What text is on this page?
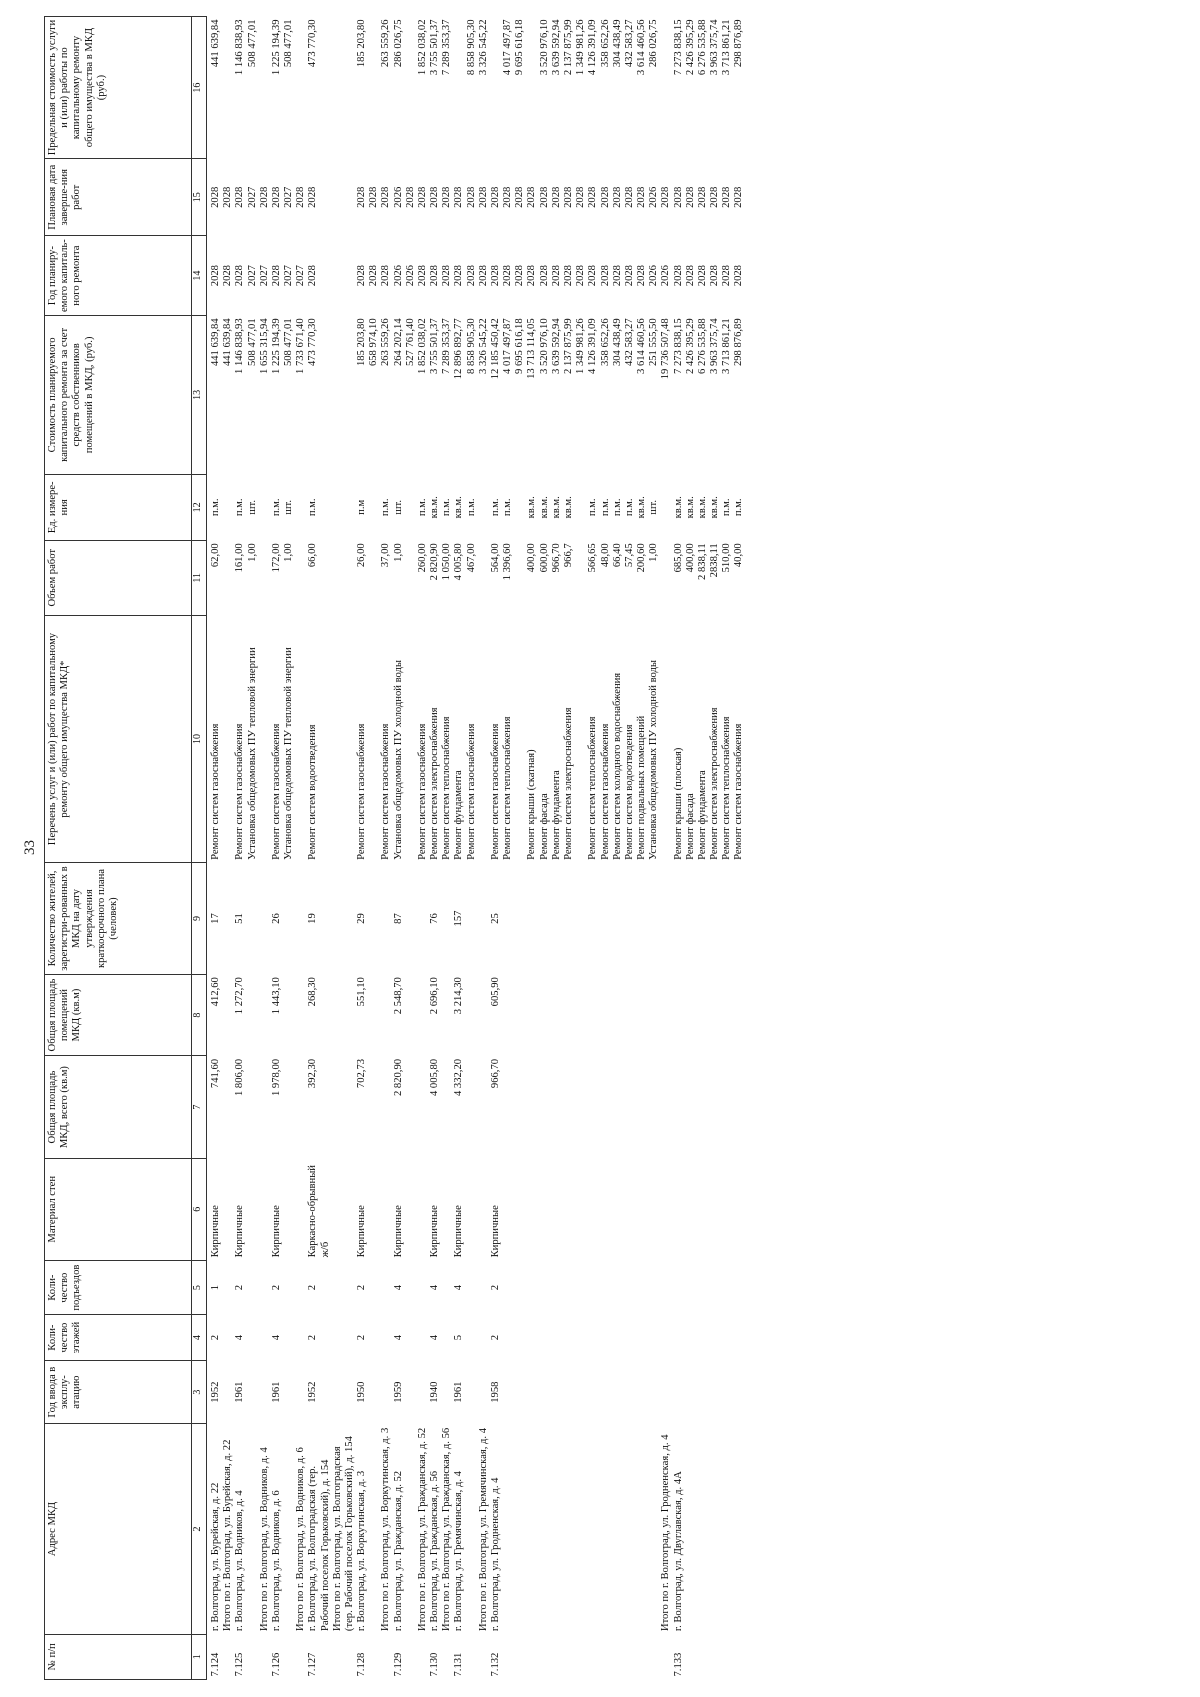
33
№ п/п	Адрес МКД	Год ввода в эксплу-атацию	Коли-чество этажей	Коли-чество подъездов	Материал стен	Общая площадь МКД, всего (кв.м)	Общая площадь помещений МКД (кв.м)	Количество жителей, зарегистри-рованных в МКД на дату утверждения краткосрочного плана (человек)	Перечень услуг и (или) работ по капитальному ремонту общего имущества МКД*	Объем работ	Ед. измере-ния	Стоимость планируемого капитального ремонта за счет средств собственников помещений в МКД, (руб.)	Год планиру-емого капиталь-ного ремонта	Плановая дата заверше-ния работ	Предельная стоимость услуги и (или) работы по капитальному ремонту общего имущества в МКД (руб.)
1	2	3	4	5	6	7	8	9	10	11	12	13	14	15	16
7.124	г. Волгоград, ул. Бурейская, д. 22	1952	2	1	Кирпичные	741,60	412,60	17	Ремонт систем газоснабжения	62,00	п.м.	441 639,84	2028	2028	441 639,84
	Итого по г. Волгоград, ул. Бурейская, д. 22											441 639,84	2028	2028	
7.125	г. Волгоград, ул. Водников, д. 4	1961	4	2	Кирпичные	1 806,00	1 272,70	51	Ремонт систем газоснабжения	161,00	п.м.	1 146 838,93	2028	2028	1 146 838,93
									Установка общедомовых ПУ тепловой энергии	1,00	шт.	508 477,01	2027	2027	508 477,01
	Итого по г. Волгоград, ул. Водников, д. 4											1 655 315,94	2027	2028	
7.126	г. Волгоград, ул. Водников, д. 6	1961	4	2	Кирпичные	1 978,00	1 443,10	26	Ремонт систем газоснабжения	172,00	п.м.	1 225 194,39	2028	2028	1 225 194,39
									Установка общедомовых ПУ тепловой энергии	1,00	шт.	508 477,01	2027	2027	508 477,01
	Итого по г. Волгоград, ул. Водников, д. 6											1 733 671,40	2027	2028	
7.127	г. Волгоград, ул. Волгоградская (тер. Рабочий поселок Горьковский), д. 154	1952	2	2	Каркасно-обрывный ж/б	392,30	268,30	19	Ремонт систем водоотведения	66,00	п.м.	473 770,30	2028	2028	473 770,30
	Итого по г. Волгоград, ул. Волгоградская (тер. Рабочий поселок Горьковский), д. 154														
7.128	г. Волгоград, ул. Воркутинская, д. 3	1950	2	2	Кирпичные	702,73	551,10	29	Ремонт систем газоснабжения	26,00	п.м	185 203,80	2028	2028	185 203,80
												658 974,10	2028	2028	
	Итого по г. Волгоград, ул. Воркутинская, д. 3								Ремонт систем газоснабжения	37,00	п.м.	263 559,26	2028	2028	263 559,26
7.129	г. Волгоград, ул. Гражданская, д. 52	1959	4	4	Кирпичные	2 820,90	2 548,70	87	Установка общедомовых ПУ холодной воды	1,00	шт.	264 202,14	2026	2026	286 026,75
												527 761,40	2026	2028	
	Итого по г. Волгоград, ул. Гражданская, д. 52								Ремонт систем газоснабжения	260,00	п.м.	1 852 038,02	2028	2028	1 852 038,02
7.130	г. Волгоград, ул. Гражданская, д. 56	1940	4	4	Кирпичные	4 005,80	2 696,10	76	Ремонт систем электроснабжения	2 820,90	кв.м.	3 755 501,37	2028	2028	3 755 501,37
	Итого по г. Волгоград, ул. Гражданская, д. 56								Ремонт систем теплоснабжения	1 050,00	п.м.	7 289 353,37	2028	2028	7 289 353,37
7.131	г. Волгоград, ул. Гремячинская, д. 4	1961	5	4	Кирпичные	4 332,20	3 214,30	157	Ремонт фундамента	4 005,80	кв.м.	12 896 892,77	2028	2028	
									Ремонт систем газоснабжения	467,00	п.м.	8 858 905,30	2028	2028	8 858 905,30
	Итого по г. Волгоград, ул. Гремячинская, д. 4											3 326 545,22	2028	2028	3 326 545,22
7.132	г. Волгоград, ул. Гродненская, д. 4	1958	2	2	Кирпичные	966,70	605,90	25	Ремонт систем газоснабжения	564,00	п.м.	12 185 450,42	2028	2028	
									Ремонт систем теплоснабжения	1 396,60	п.м.	4 017 497,87	2028	2028	4 017 497,87
												9 695 616,18	2028	2028	9 695 616,18
									Ремонт крыши (скатная)	400,00	кв.м.	13 713 114,05	2028	2028	
									Ремонт фасада	600,00	кв.м.	3 520 976,10	2028	2028	3 520 976,10
									Ремонт фундамента	966,70	кв.м.	3 639 592,94	2028	2028	3 639 592,94
									Ремонт систем электроснабжения	966,7	кв.м.	2 137 875,99	2028	2028	2 137 875,99
												1 349 981,26	2028	2028	1 349 981,26
									Ремонт систем теплоснабжения	566,65	п.м.	4 126 391,09	2028	2028	4 126 391,09
									Ремонт систем газоснабжения	48,00	п.м.	358 652,26	2028	2028	358 652,26
									Ремонт систем холодного водоснабжения	66,40	п.м.	304 438,49	2028	2028	304 438,49
									Ремонт систем водоотведения	57,45	п.м.	432 583,27	2028	2028	432 583,27
									Ремонт подвальных помещений	200,60	кв.м.	3 614 460,56	2028	2028	3 614 460,56
									Установка общедомовых ПУ холодной воды	1,00	шт.	251 555,50	2026	2026	286 026,75
	Итого по г. Волгоград, ул. Гродненская, д. 4											19 736 507,48	2026	2028	
7.133	г. Волгоград, ул. Двуглавская, д. 4А								Ремонт крыши (плоская)	685,00	кв.м.	7 273 838,15	2028	2028	7 273 838,15
									Ремонт фасада	400,00	кв.м.	2 426 395,29	2028	2028	2 426 395,29
									Ремонт фундамента	2 838,11	кв.м.	6 276 535,88	2028	2028	6 276 535,88
									Ремонт систем электроснабжения	2838,11	кв.м.	3 963 375,74	2028	2028	3 963 375,74
									Ремонт систем теплоснабжения	510,00	п.м.	3 713 861,21	2028	2028	3 713 861,21
									Ремонт систем газоснабжения	40,00	п.м.	298 876,89	2028	2028	298 876,89
